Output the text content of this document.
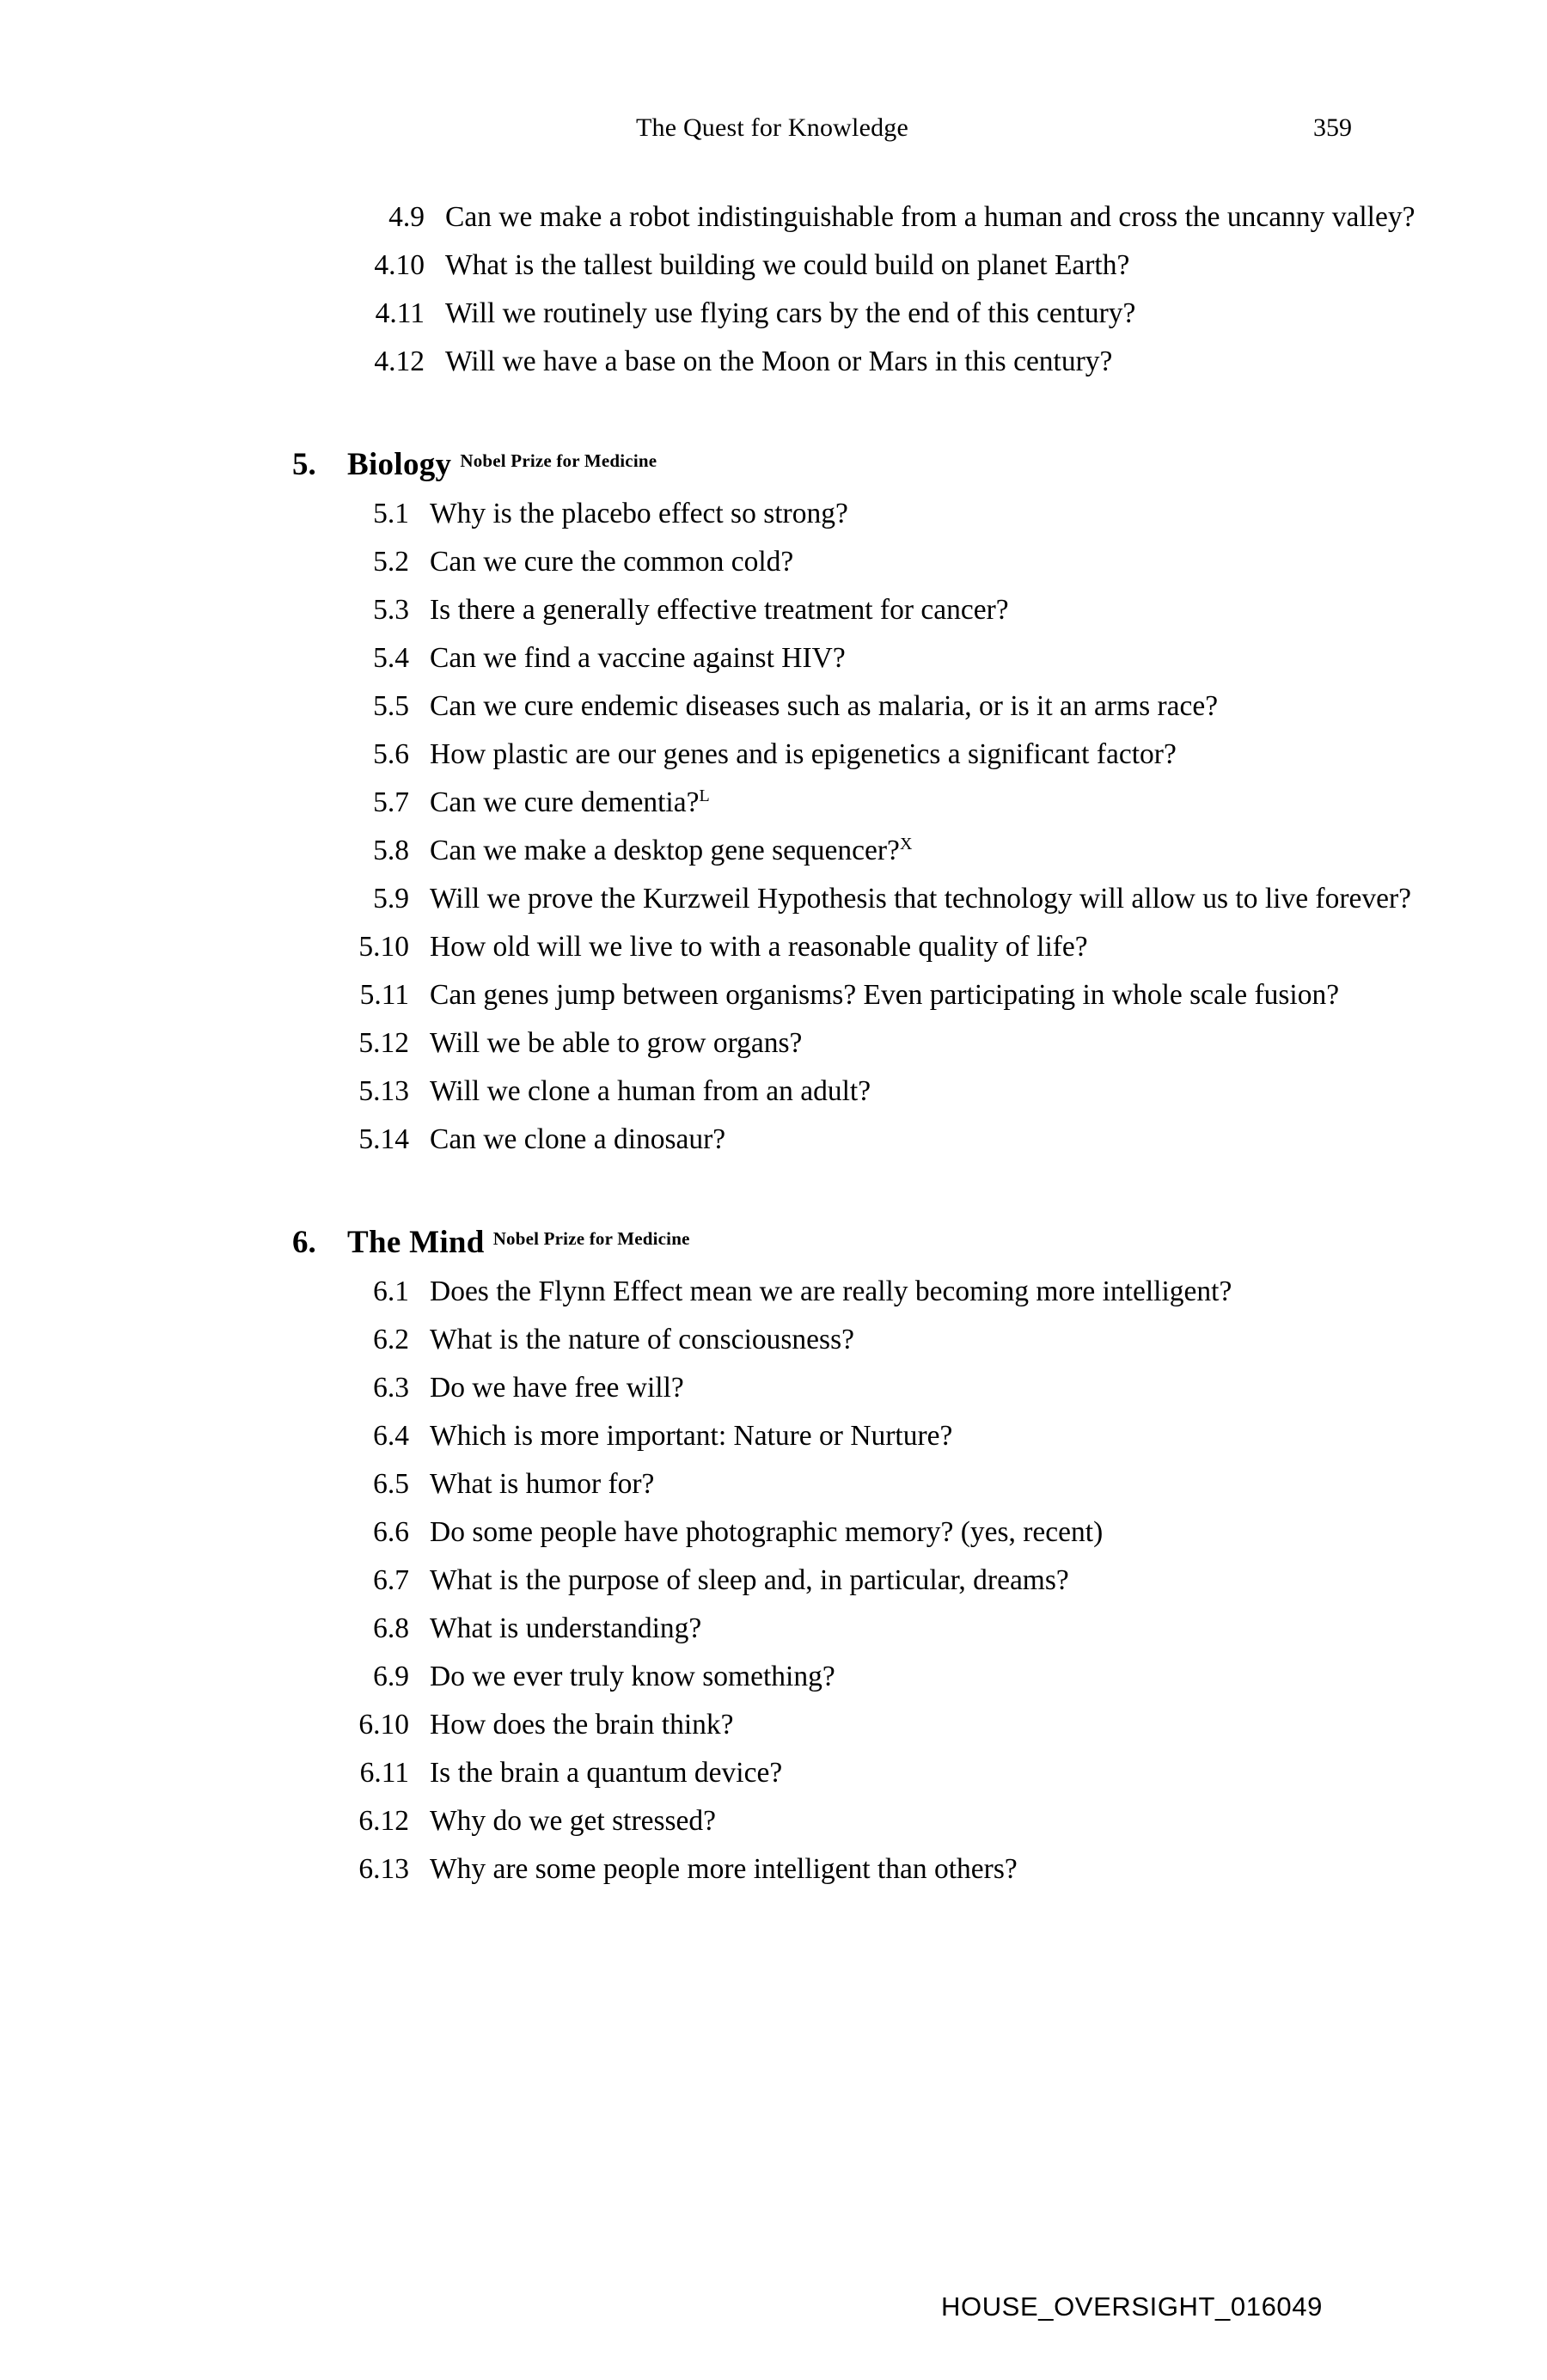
The Quest for Knowledge	359
4.9 Can we make a robot indistinguishable from a human and cross the uncanny valley?
4.10 What is the tallest building we could build on planet Earth?
4.11 Will we routinely use flying cars by the end of this century?
4.12 Will we have a base on the Moon or Mars in this century?
5. Biology Nobel Prize for Medicine
5.1 Why is the placebo effect so strong?
5.2 Can we cure the common cold?
5.3 Is there a generally effective treatment for cancer?
5.4 Can we find a vaccine against HIV?
5.5 Can we cure endemic diseases such as malaria, or is it an arms race?
5.6 How plastic are our genes and is epigenetics a significant factor?
5.7 Can we cure dementia?$^L$
5.8 Can we make a desktop gene sequencer?$^X$
5.9 Will we prove the Kurzweil Hypothesis that technology will allow us to live forever?
5.10 How old will we live to with a reasonable quality of life?
5.11 Can genes jump between organisms? Even participating in whole scale fusion?
5.12 Will we be able to grow organs?
5.13 Will we clone a human from an adult?
5.14 Can we clone a dinosaur?
6. The Mind Nobel Prize for Medicine
6.1 Does the Flynn Effect mean we are really becoming more intelligent?
6.2 What is the nature of consciousness?
6.3 Do we have free will?
6.4 Which is more important: Nature or Nurture?
6.5 What is humor for?
6.6 Do some people have photographic memory? (yes, recent)
6.7 What is the purpose of sleep and, in particular, dreams?
6.8 What is understanding?
6.9 Do we ever truly know something?
6.10 How does the brain think?
6.11 Is the brain a quantum device?
6.12 Why do we get stressed?
6.13 Why are some people more intelligent than others?
HOUSE_OVERSIGHT_016049
